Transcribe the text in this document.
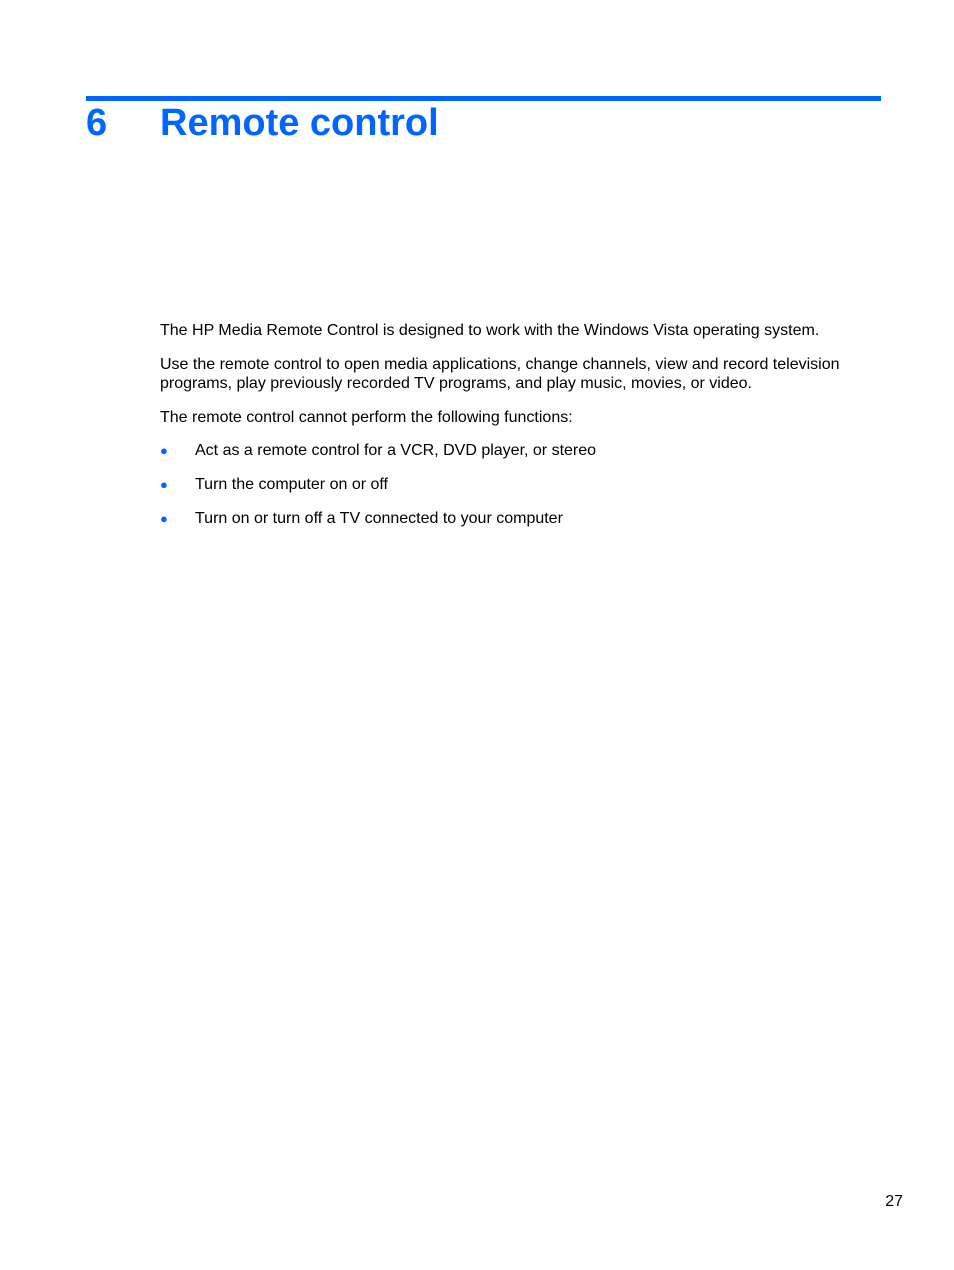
6 Remote control

The HP Media Remote Control is designed to work with the Windows Vista operating system.

Use the remote control to open media applications, change channels, view and record television programs, play previously recorded TV programs, and play music, movies, or video.

The remote control cannot perform the following functions:

● Act as a remote control for a VCR, DVD player, or stereo
● Turn the computer on or off
● Turn on or turn off a TV connected to your computer
27
